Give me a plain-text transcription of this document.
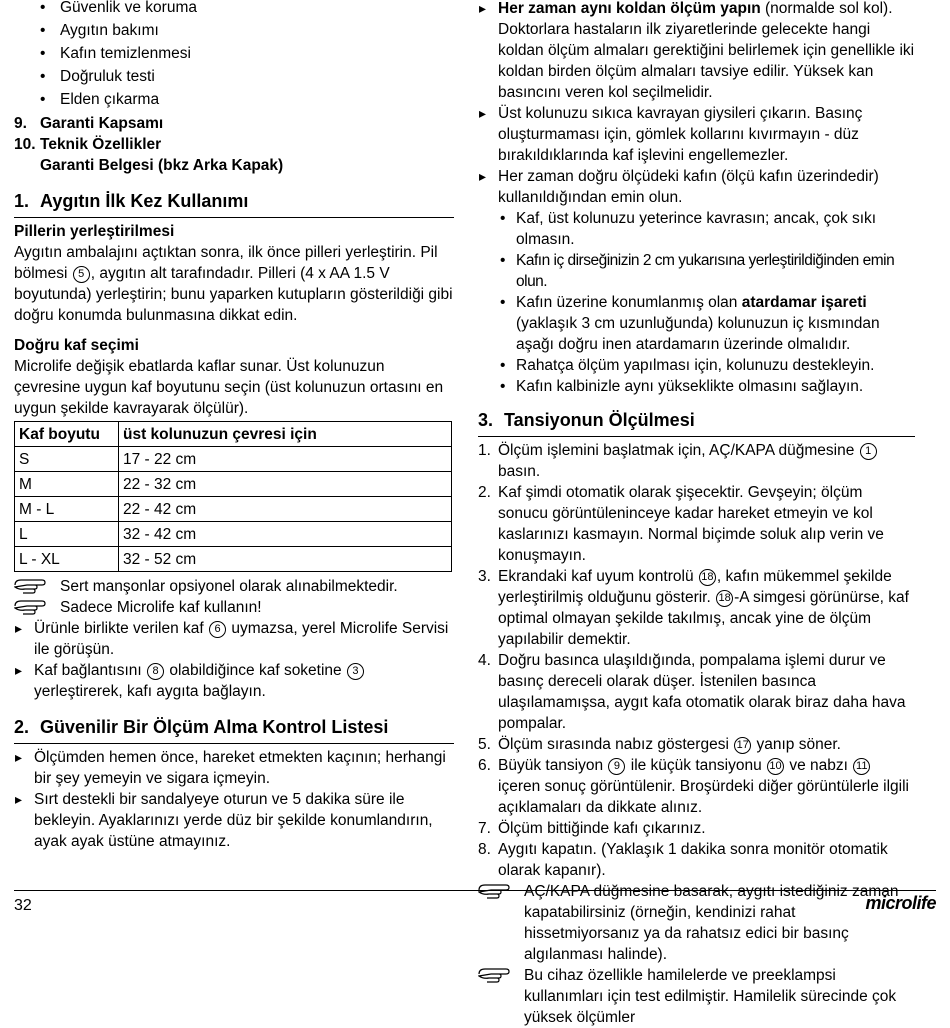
• Güvenlik ve koruma

• Aygıtın bakımı

• Kafın temizlenmesi

• Doğruluk testi

• Elden çıkarma

9. Garanti Kapsamı

10. Teknik Özellikler

Garanti Belgesi (bkz Arka Kapak)

1. Aygıtın İlk Kez Kullanımı

Pillerin yerleştirilmesi

Aygıtın ambalajını açtıktan sonra, ilk önce pilleri yerleştirin. Pil bölmesi 5 , aygıtın alt tarafındadır. Pilleri (4 x AA 1.5 V boyutunda) yerleştirin; bunu yaparken kutupların gösterildiği gibi doğru konumda bulunmasına dikkat edin.

Doğru kaf seçimi

Microlife değişik ebatlarda kaflar sunar. Üst kolunuzun çevresine uygun kaf boyutunu seçin (üst kolunuzun ortasını en uygun şekilde kavrayarak ölçülür).

Kaf boyutu	üst kolunuzun çevresi için
S	17 - 22 cm
M	22 - 32 cm
M - L	22 - 42 cm
L	32 - 42 cm
L - XL	32 - 52 cm

Sert manşonlar opsiyonel olarak alınabilmektedir.

Sadece Microlife kaf kullanın!

▸ Ürünle birlikte verilen kaf 6 uymazsa, yerel Microlife Servisi ile görüşün.

▸ Kaf bağlantısını 8 olabildiğince kaf soketine 3 yerleştirerek, kafı aygıta bağlayın.

2. Güvenilir Bir Ölçüm Alma Kontrol Listesi

▸ Ölçümden hemen önce, hareket etmekten kaçının; herhangi bir şey yemeyin ve sigara içmeyin.

▸ Sırt destekli bir sandalyeye oturun ve 5 dakika süre ile bekleyin. Ayaklarınızı yerde düz bir şekilde konumlandırın, ayak ayak üstüne atmayınız.

▸ Her zaman aynı koldan ölçüm yapın (normalde sol kol). Doktorlara hastaların ilk ziyaretlerinde gelecekte hangi koldan ölçüm almaları gerektiğini belirlemek için genellikle iki koldan birden ölçüm almaları tavsiye edilir. Yüksek kan basıncını veren kol seçilmelidir.

▸ Üst kolunuzu sıkıca kavrayan giysileri çıkarın. Basınç oluşturmaması için, gömlek kollarını kıvırmayın - düz bırakıldıklarında kaf işlevini engellemezler.

▸ Her zaman doğru ölçüdeki kafın (ölçü kafın üzerindedir) kullanıldığından emin olun.

• Kaf, üst kolunuzu yeterince kavrasın; ancak, çok sıkı olmasın.

• Kafın iç dirseğinizin 2 cm yukarısına yerleştirildiğinden emin olun.

• Kafın üzerine konumlanmış olan atardamar işareti (yaklaşık 3 cm uzunluğunda) kolunuzun iç kısmından aşağı doğru inen atardamarın üzerinde olmalıdır.

• Rahatça ölçüm yapılması için, kolunuzu destekleyin.

• Kafın kalbinizle aynı yükseklikte olmasını sağlayın.

3. Tansiyonun Ölçülmesi

1. Ölçüm işlemini başlatmak için, AÇ/KAPA düğmesine 1 basın.

2. Kaf şimdi otomatik olarak şişecektir. Gevşeyin; ölçüm sonucu görüntüleninceye kadar hareket etmeyin ve kol kaslarınızı kasmayın. Normal biçimde soluk alıp verin ve konuşmayın.

3. Ekrandaki kaf uyum kontrolü 18 , kafın mükemmel şekilde yerleştirilmiş olduğunu gösterir. 18 -A simgesi görünürse, kaf optimal olmayan şekilde takılmış, ancak yine de ölçüm yapılabilir demektir.

4. Doğru basınca ulaşıldığında, pompalama işlemi durur ve basınç dereceli olarak düşer. İstenilen basınca ulaşılamamışsa, aygıt kafa otomatik olarak biraz daha hava pompalar.

5. Ölçüm sırasında nabız göstergesi 17 yanıp söner.

6. Büyük tansiyon 9 ile küçük tansiyonu 10 ve nabzı 11 içeren sonuç görüntülenir. Broşürdeki diğer görüntülerle ilgili açıklamaları da dikkate alınız.

7. Ölçüm bittiğinde kafı çıkarınız.

8. Aygıtı kapatın. (Yaklaşık 1 dakika sonra monitör otomatik olarak kapanır).

AÇ/KAPA düğmesine basarak, aygıtı istediğiniz zaman kapatabilirsiniz (örneğin, kendinizi rahat hissetmiyorsanız ya da rahatsız edici bir basınç algılanması halinde).

Bu cihaz özellikle hamilelerde ve preeklampsi kullanımları için test edilmiştir. Hamilelik sürecinde çok yüksek ölçümler

32	microlife
